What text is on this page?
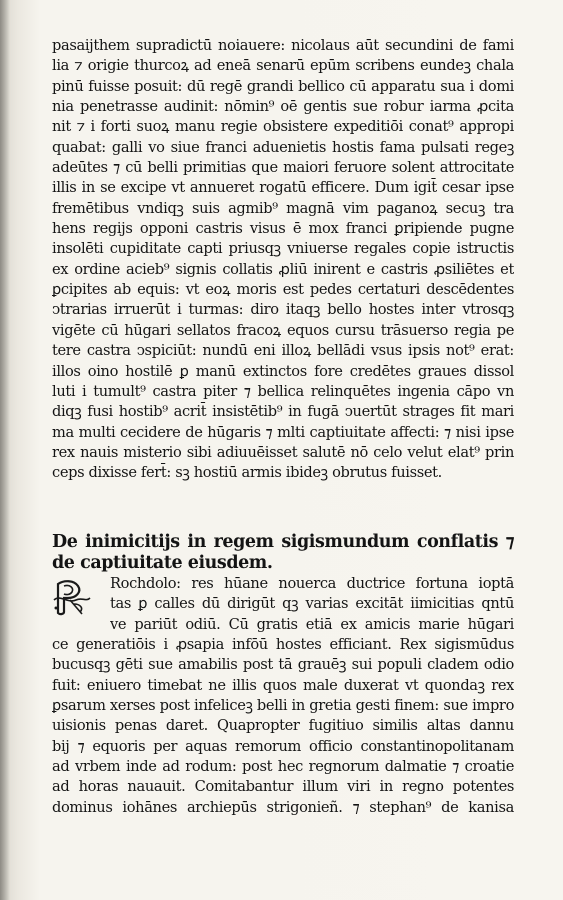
pasaijthem supradictū noiauere: nicolaus aūt secundini de fami
lia ⁊ origie thurcoꝝ ad eneā senarū epūm scribens eundeꝫ chala
pinū fuisse posuit: dū regē grandi bellico cū apparatu sua i domi
nia penetrasse audinit: nōmin⁹ oē gentis sue robur iarma ꝓcita
nit ⁊ i forti suoꝝ manu regie obsistere expeditiōi conat⁹ appropi
quabat: galli vo siue franci aduenietis hostis fama pulsati regeꝫ
adeūtes ⁊ cū belli primitias que maiori feruore solent attrocitate
illis in se excipe vt annueret rogatū efficere. Dum igit̄ cesar ipse
fremētibus vndiqꝫ suis agmib⁹ magnā vim paganoꝝ secuꝫ tra
hens regijs opponi castris visus ē mox franci ꝑripiende pugne
insolēti cupiditate capti priusqꝫ vniuerse regales copie istructis
ex ordine acieb⁹ signis collatis ꝓliū inirent e castris ꝓsiliētes et
ꝑcipites ab equis: vt eoꝝ moris est pedes certaturi descēdentes
ↄtrarias irruerūt i turmas: diro itaqꝫ bello hostes inter vtrosqꝫ
vigēte cū hūgari sellatos fracoꝝ equos cursu trāsuerso regia pe
tere castra ↄspiciūt: nundū eni illoꝝ bellādi vsus ipsis not⁹ erat:
illos oino hostilē ꝑ manū extinctos fore credētes graues dissol
luti i tumult⁹ castra piter ⁊ bellica relinquētes ingenia cāpo vn
diqꝫ fusi hostib⁹ acrit̄ insistētib⁹ in fugā ↄuertūt strages fit mari
ma multi cecidere de hūgaris ⁊ mlti captiuitate affecti: ⁊ nisi ipse
rex nauis misterio sibi adiuuēisset salutē nō celo velut elat⁹ prin
ceps dixisse fert̄: sꝫ hostiū armis ibideꝫ obrutus fuisset.
De inimicitijs in regem sigismundum conflatis ⁊
de captiuitate eiusdem.
Rochdolo: res hūane nouerca ductrice fortuna ioptā
tas ꝑ calles dū dirigūt qꝫ varias excitāt iimicitias qntū
ve pariūt odiū. Cū gratis etiā ex amicis marie hūgari
ce generatiōis i ꝓsapia infōū hostes efficiant. Rex sigismūdus
bucusqꝫ gēti sue amabilis post tā grauēꝫ sui populi cladem odio
fuit: eniuero timebat ne illis quos male duxerat vt quondaꝫ rex
ꝑsarum xerses post infeliceꝫ belli in gretia gesti finem: sue impro
uisionis penas daret. Quapropter fugitiuo similis altas dannu
bij ⁊ equoris per aquas remorum officio constantinopolitanam
ad vrbem inde ad rodum: post hec regnorum dalmatie ⁊ croatie
ad horas nauauit. Comitabantur illum viri in regno potentes
dominus iohānes archiepūs strigonieñ. ⁊ stephan⁹ de kanisa
